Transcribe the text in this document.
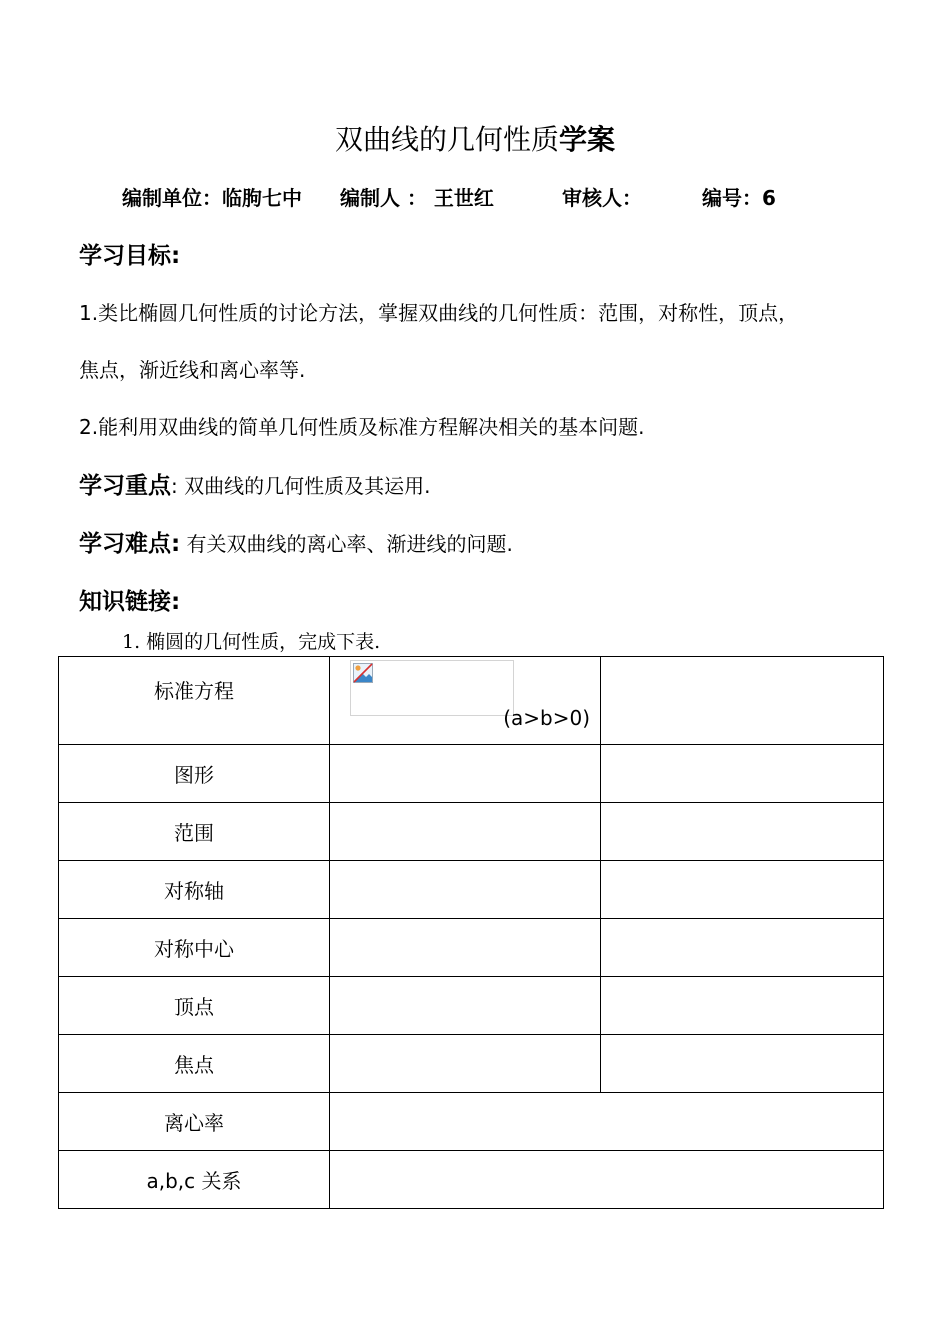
双曲线的几何性质学案
编制单位：临朐七中 编制人 ： 王世红	审核人：	编号：6
学习目标:
1.类比椭圆几何性质的讨论方法，掌握双曲线的几何性质：范围，对称性，顶点，
焦点，渐近线和离心率等.
2.能利用双曲线的简单几何性质及标准方程解决相关的基本问题.
学习重点: 双曲线的几何性质及其运用.
学习难点: 有关双曲线的离心率、渐进线的问题.
知识链接:
1. 椭圆的几何性质，完成下表.
标准方程	(a>b>0)	

图形		
范围		
对称轴		
对称中心		
顶点		
焦点		
离心率		
a,b,c 关系		
